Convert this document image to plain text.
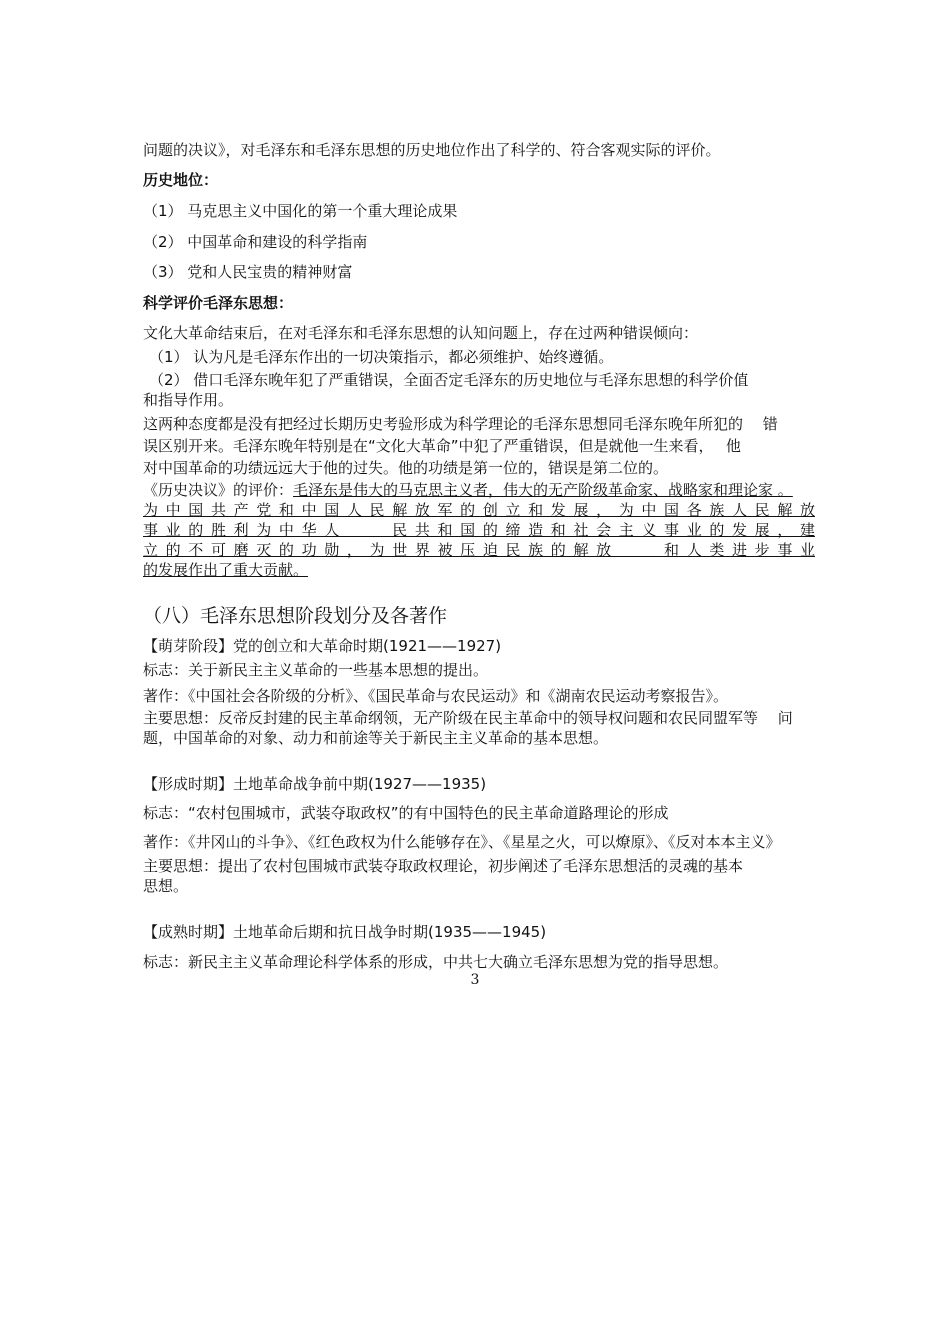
问题的决议》，对毛泽东和毛泽东思想的历史地位作出了科学的、符合客观实际的评价。
历史地位：
（1） 马克思主义中国化的第一个重大理论成果
（2） 中国革命和建设的科学指南
（3） 党和人民宝贵的精神财富
科学评价毛泽东思想：
文化大革命结束后，在对毛泽东和毛泽东思想的认知问题上，存在过两种错误倾向：
（1） 认为凡是毛泽东作出的一切决策指示，都必须维护、始终遵循。
（2） 借口毛泽东晚年犯了严重错误，全面否定毛泽东的历史地位与毛泽东思想的科学价值
和指导作用。
这两种态度都是没有把经过长期历史考验形成为科学理论的毛泽东思想同毛泽东晚年所犯的　 错
误区别开来。毛泽东晚年特别是在“文化大革命”中犯了严重错误，但是就他一生来看，　 他
对中国革命的功绩远远大于他的过失。他的功绩是第一位的，错误是第二位的。
《历史决议》的评价：毛泽东是伟大的马克思主义者，伟大的无产阶级革命家、战略家和理论家 。
为中国共产党和中国人民解放军的创立和发展，为中国各族人民解放
事业的胜利为中华人　　民共和国的缔造和社会主义事业的发展，建
立的不可磨灭的功勋，为世界被压迫民族的解放　　和人类进步事业
的发展作出了重大贡献。
（八）毛泽东思想阶段划分及各著作
【萌芽阶段】党的创立和大革命时期(1921——1927)
标志：关于新民主主义革命的一些基本思想的提出。
著作：《中国社会各阶级的分析》、《国民革命与农民运动》和《湖南农民运动考察报告》。
主要思想：反帝反封建的民主革命纲领，无产阶级在民主革命中的领导权问题和农民同盟军等　 问
题，中国革命的对象、动力和前途等关于新民主主义革命的基本思想。
【形成时期】土地革命战争前中期(1927——1935)
标志：“农村包围城市，武装夺取政权”的有中国特色的民主革命道路理论的形成
著作：《井冈山的斗争》、《红色政权为什么能够存在》、《星星之火，可以燎原》、《反对本本主义》
主要思想：提出了农村包围城市武装夺取政权理论，初步阐述了毛泽东思想活的灵魂的基本
思想。
【成熟时期】土地革命后期和抗日战争时期(1935——1945)
标志：新民主主义革命理论科学体系的形成，中共七大确立毛泽东思想为党的指导思想。
3
